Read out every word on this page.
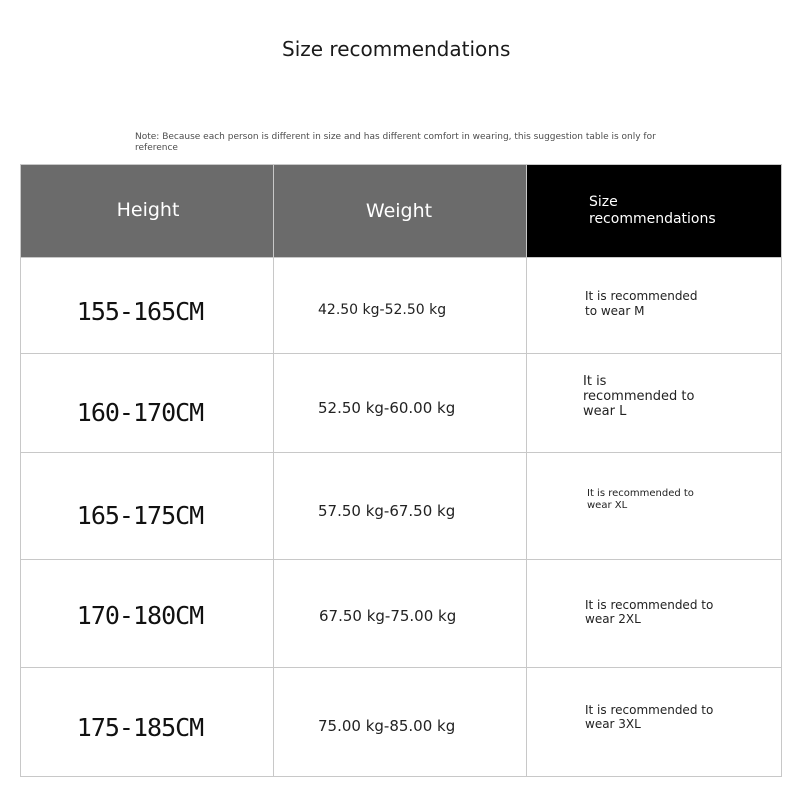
Size recommendations
Note: Because each person is different in size and has different comfort in wearing, this suggestion table is only for reference
Height	Weight	Size recommendations

155-165CM	42.50 kg-52.50 kg	It is recommended to wear M

160-170CM	52.50 kg-60.00 kg	It is recommended to wear L

165-175CM	57.50 kg-67.50 kg	It is recommended to wear XL

170-180CM	67.50 kg-75.00 kg	It is recommended to wear 2XL

175-185CM	75.00 kg-85.00 kg	It is recommended to wear 3XL
